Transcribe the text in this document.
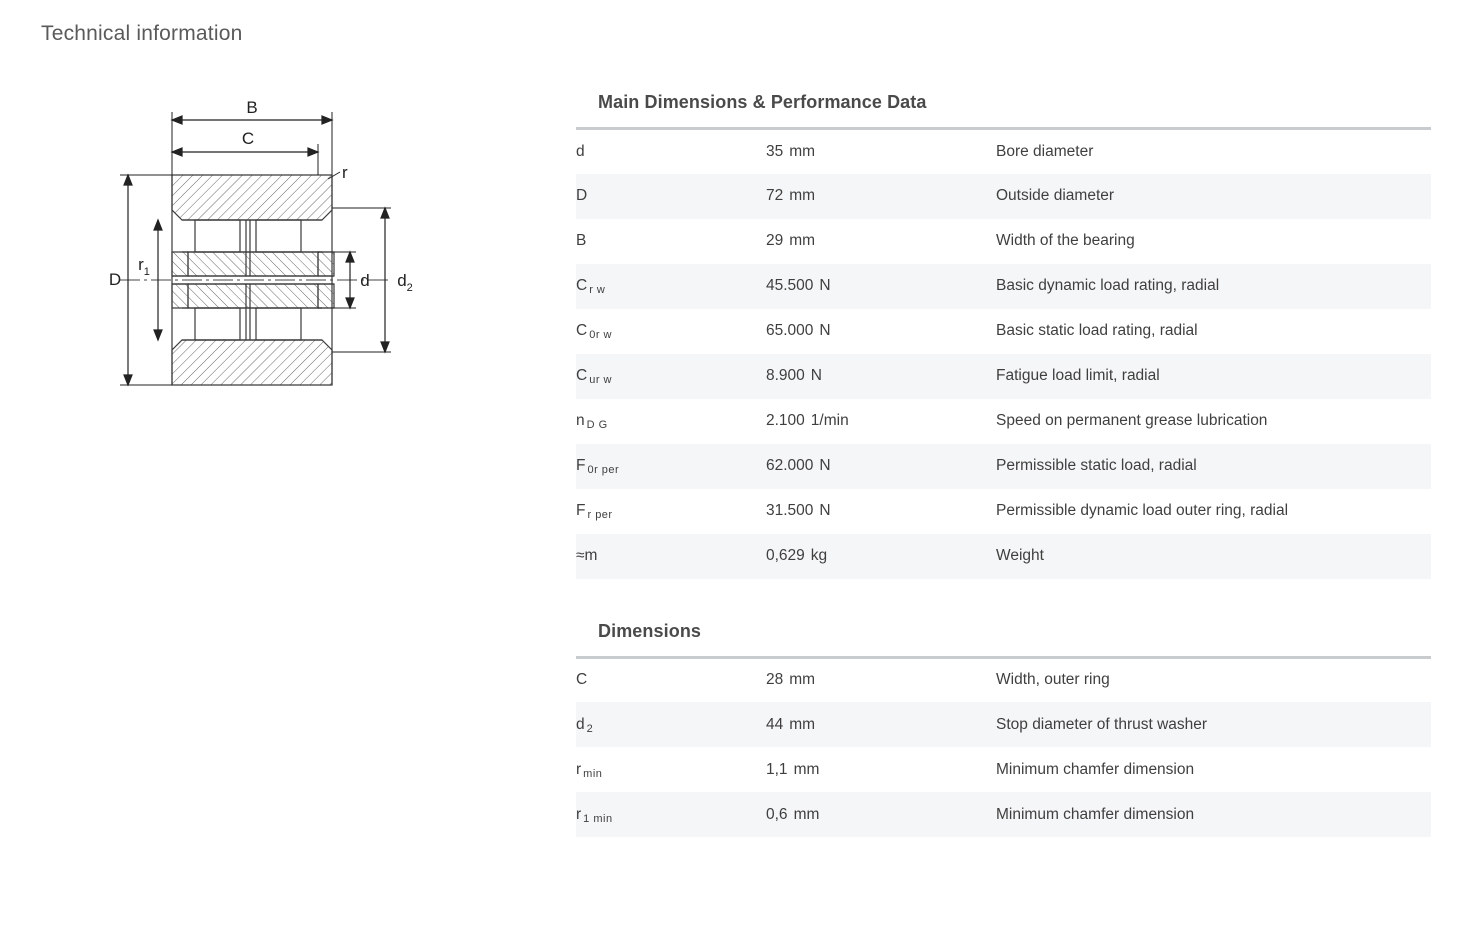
Technical information
B
C
r
D
$r_1$	d $d_2$
Main Dimensions & Performance Data
d	35 mm	Bore diameter
D	72 mm	Outside diameter
B	29 mm	Width of the bearing
C r w	45.500 N	Basic dynamic load rating, radial
C 0r w	65.000 N	Basic static load rating, radial
C ur w	8.900 N	Fatigue load limit, radial
n D G	2.100 1/min	Speed on permanent grease lubrication
F 0r per	62.000 N	Permissible static load, radial
F r per	31.500 N	Permissible dynamic load outer ring, radial
≈m	0,629 kg	Weight
Dimensions
C	28 mm	Width, outer ring
d 2	44 mm	Stop diameter of thrust washer
r min	1,1 mm	Minimum chamfer dimension
r 1 min	0,6 mm	Minimum chamfer dimension
